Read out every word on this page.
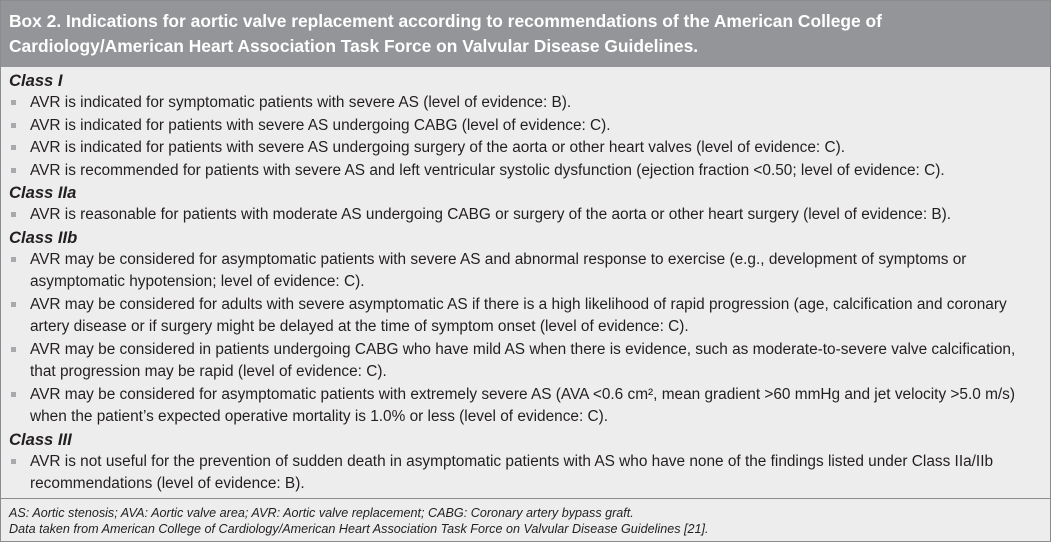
Box 2. Indications for aortic valve replacement according to recommendations of the American College of Cardiology/American Heart Association Task Force on Valvular Disease Guidelines.
Class I
AVR is indicated for symptomatic patients with severe AS (level of evidence: B).
AVR is indicated for patients with severe AS undergoing CABG (level of evidence: C).
AVR is indicated for patients with severe AS undergoing surgery of the aorta or other heart valves (level of evidence: C).
AVR is recommended for patients with severe AS and left ventricular systolic dysfunction (ejection fraction <0.50; level of evidence: C).
Class IIa
AVR is reasonable for patients with moderate AS undergoing CABG or surgery of the aorta or other heart surgery (level of evidence: B).
Class IIb
AVR may be considered for asymptomatic patients with severe AS and abnormal response to exercise (e.g., development of symptoms or asymptomatic hypotension; level of evidence: C).
AVR may be considered for adults with severe asymptomatic AS if there is a high likelihood of rapid progression (age, calcification and coronary artery disease or if surgery might be delayed at the time of symptom onset (level of evidence: C).
AVR may be considered in patients undergoing CABG who have mild AS when there is evidence, such as moderate-to-severe valve calcification, that progression may be rapid (level of evidence: C).
AVR may be considered for asymptomatic patients with extremely severe AS (AVA <0.6 cm², mean gradient >60 mmHg and jet velocity >5.0 m/s) when the patient’s expected operative mortality is 1.0% or less (level of evidence: C).
Class III
AVR is not useful for the prevention of sudden death in asymptomatic patients with AS who have none of the findings listed under Class IIa/IIb recommendations (level of evidence: B).
AS: Aortic stenosis; AVA: Aortic valve area; AVR: Aortic valve replacement; CABG: Coronary artery bypass graft.
Data taken from American College of Cardiology/American Heart Association Task Force on Valvular Disease Guidelines [21].
